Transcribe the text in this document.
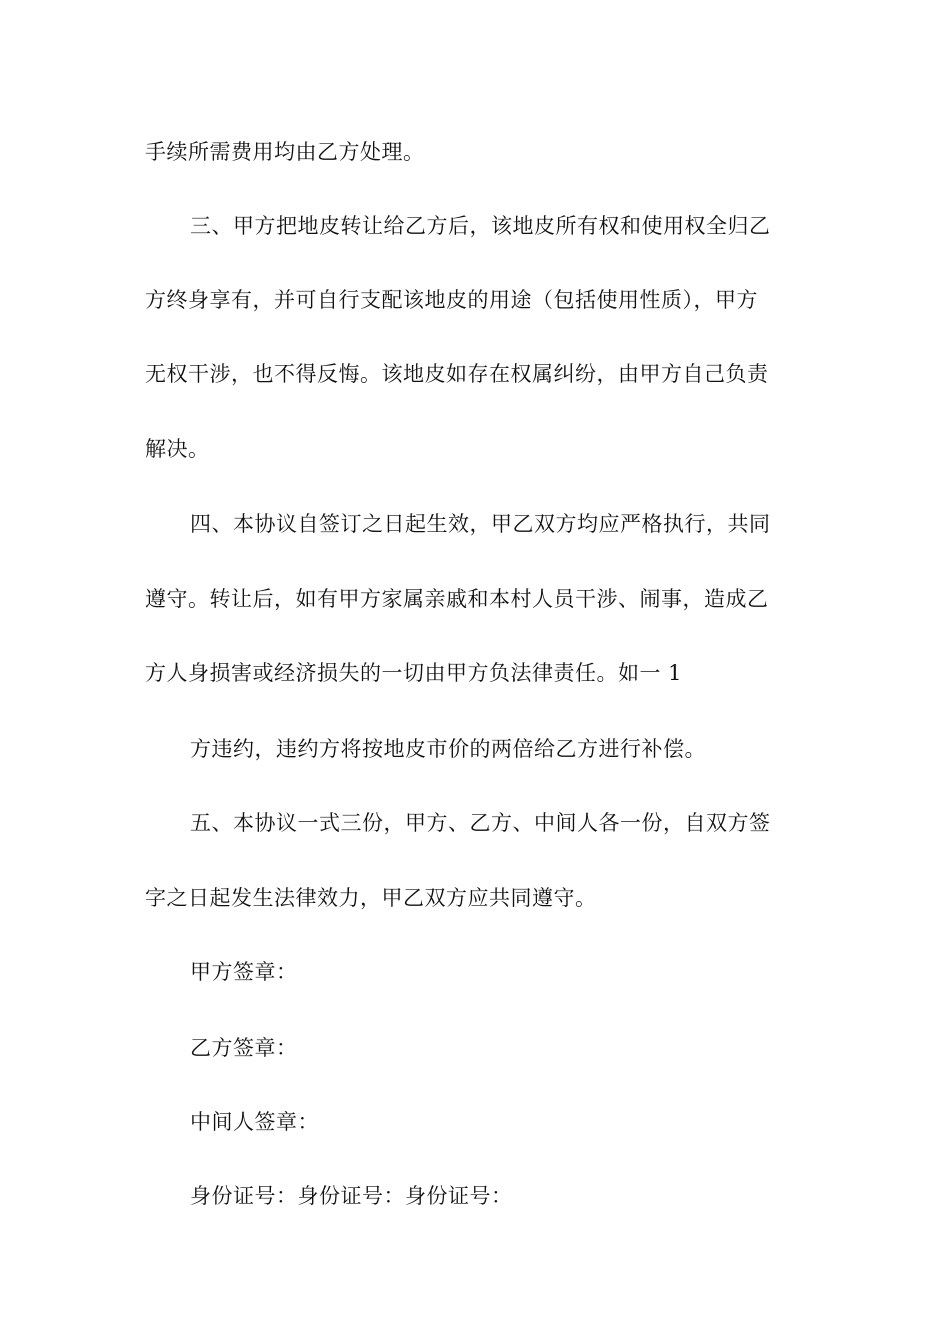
手续所需费用均由乙方处理。
三、甲方把地皮转让给乙方后，该地皮所有权和使用权全归乙
方终身享有，并可自行支配该地皮的用途（包括使用性质），甲方
无权干涉，也不得反悔。该地皮如存在权属纠纷，由甲方自己负责
解决。
四、本协议自签订之日起生效，甲乙双方均应严格执行，共同
遵守。转让后，如有甲方家属亲戚和本村人员干涉、闹事，造成乙
方人身损害或经济损失的一切由甲方负法律责任。如一 1
方违约，违约方将按地皮市价的两倍给乙方进行补偿。
五、本协议一式三份，甲方、乙方、中间人各一份，自双方签
字之日起发生法律效力，甲乙双方应共同遵守。
甲方签章：
乙方签章：
中间人签章：
身份证号：身份证号：身份证号：
